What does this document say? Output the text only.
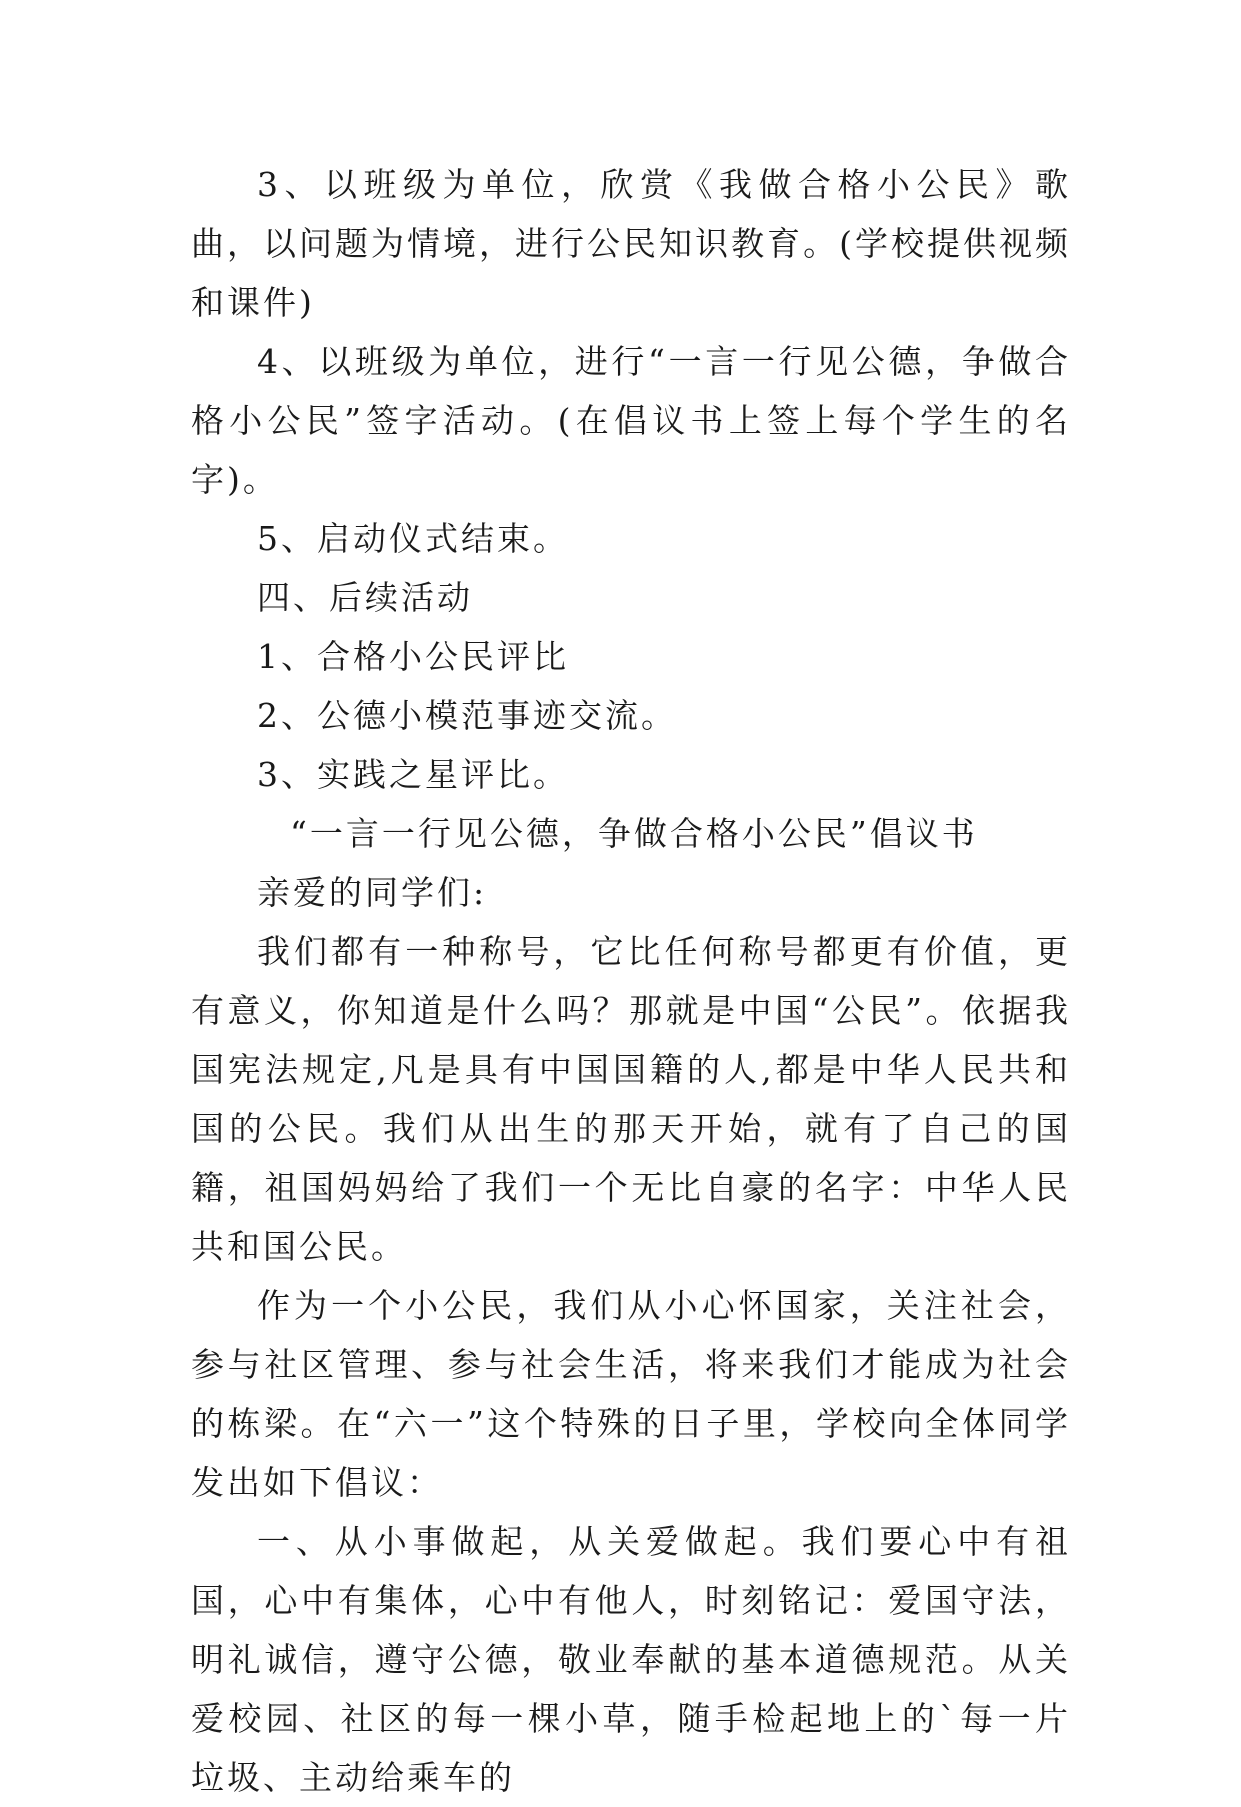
3、以班级为单位，欣赏《我做合格小公民》歌曲，以问题为情境，进行公民知识教育。(学校提供视频和课件)

4、以班级为单位，进行“一言一行见公德，争做合格小公民”签字活动。(在倡议书上签上每个学生的名字)。

5、启动仪式结束。

四、后续活动

1、合格小公民评比

2、公德小模范事迹交流。

3、实践之星评比。

“一言一行见公德，争做合格小公民”倡议书

亲爱的同学们:

我们都有一种称号，它比任何称号都更有价值，更有意义，你知道是什么吗？那就是中国“公民”。依据我国宪法规定,凡是具有中国国籍的人,都是中华人民共和国的公民。我们从出生的那天开始，就有了自己的国籍，祖国妈妈给了我们一个无比自豪的名字：中华人民共和国公民。

作为一个小公民，我们从小心怀国家，关注社会，参与社区管理、参与社会生活，将来我们才能成为社会的栋梁。在“六一”这个特殊的日子里，学校向全体同学发出如下倡议：

一、从小事做起，从关爱做起。我们要心中有祖国，心中有集体，心中有他人，时刻铭记：爱国守法，明礼诚信，遵守公德，敬业奉献的基本道德规范。从关爱校园、社区的每一棵小草，随手检起地上的`每一片垃圾、主动给乘车的
